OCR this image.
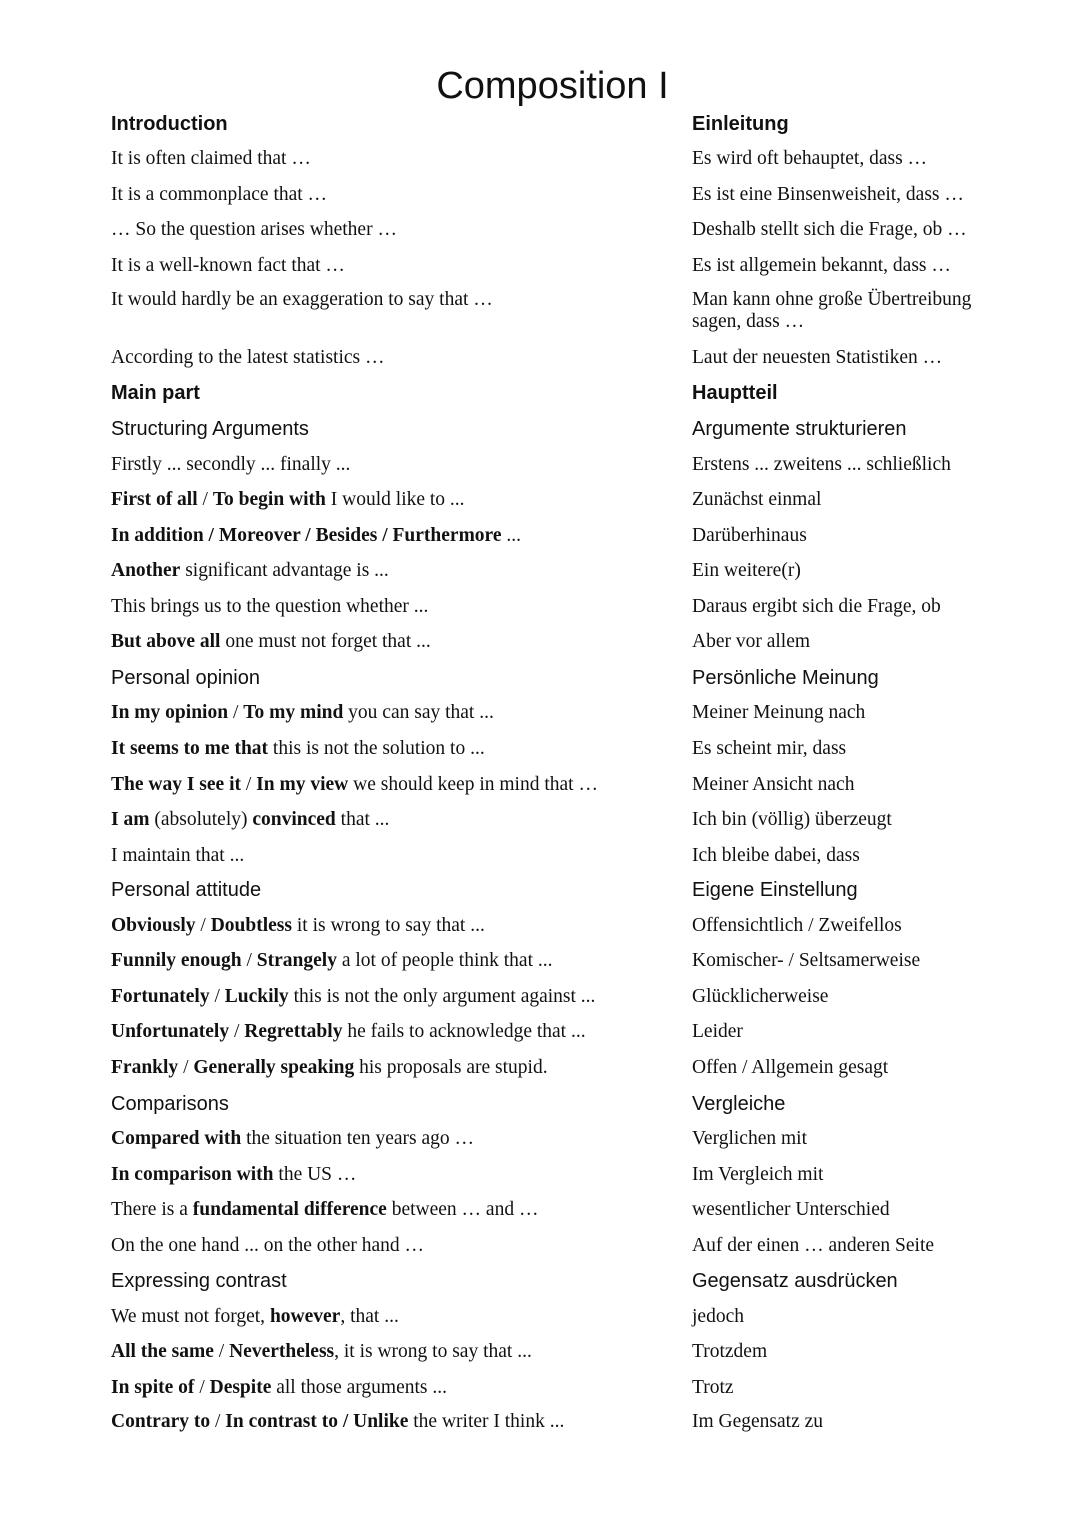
Composition I
Introduction	Einleitung
It is often claimed that …	Es wird oft behauptet, dass …
It is a commonplace that …	Es ist eine Binsenweisheit, dass …
… So the question arises whether …	Deshalb stellt sich die Frage, ob …
It is a well-known fact that …	Es ist allgemein bekannt, dass …
It would hardly be an exaggeration to say that …	Man kann ohne große Übertreibung sagen, dass …
According to the latest statistics …	Laut der neuesten Statistiken …
Main part	Hauptteil
Structuring Arguments	Argumente strukturieren
Firstly ... secondly ... finally ...	Erstens ... zweitens ... schließlich
First of all / To begin with I would like to ...	Zunächst einmal
In addition / Moreover / Besides / Furthermore ...	Darüberhinaus
Another significant advantage is ...	Ein weitere(r)
This brings us to the question whether ...	Daraus ergibt sich die Frage, ob
But above all one must not forget that ...	Aber vor allem
Personal opinion	Persönliche Meinung
In my opinion / To my mind you can say that ...	Meiner Meinung nach
It seems to me that this is not the solution to ...	Es scheint mir, dass
The way I see it / In my view we should keep in mind that …	Meiner Ansicht nach
I am (absolutely) convinced that ...	Ich bin (völlig) überzeugt
I maintain that ...	Ich bleibe dabei, dass
Personal attitude	Eigene Einstellung
Obviously / Doubtless it is wrong to say that ...	Offensichtlich / Zweifellos
Funnily enough / Strangely a lot of people think that ...	Komischer- / Seltsamerweise
Fortunately / Luckily this is not the only argument against ...	Glücklicherweise
Unfortunately / Regrettably he fails to acknowledge that ...	Leider
Frankly / Generally speaking his proposals are stupid.	Offen / Allgemein gesagt
Comparisons	Vergleiche
Compared with the situation ten years ago …	Verglichen mit
In comparison with the US …	Im Vergleich mit
There is a fundamental difference between … and …	wesentlicher Unterschied
On the one hand ... on the other hand …	Auf der einen … anderen Seite
Expressing contrast	Gegensatz ausdrücken
We must not forget, however, that ...	jedoch
All the same / Nevertheless, it is wrong to say that ...	Trotzdem
In spite of / Despite all those arguments ...	Trotz
Contrary to / In contrast to / Unlike the writer I think ...	Im Gegensatz zu
